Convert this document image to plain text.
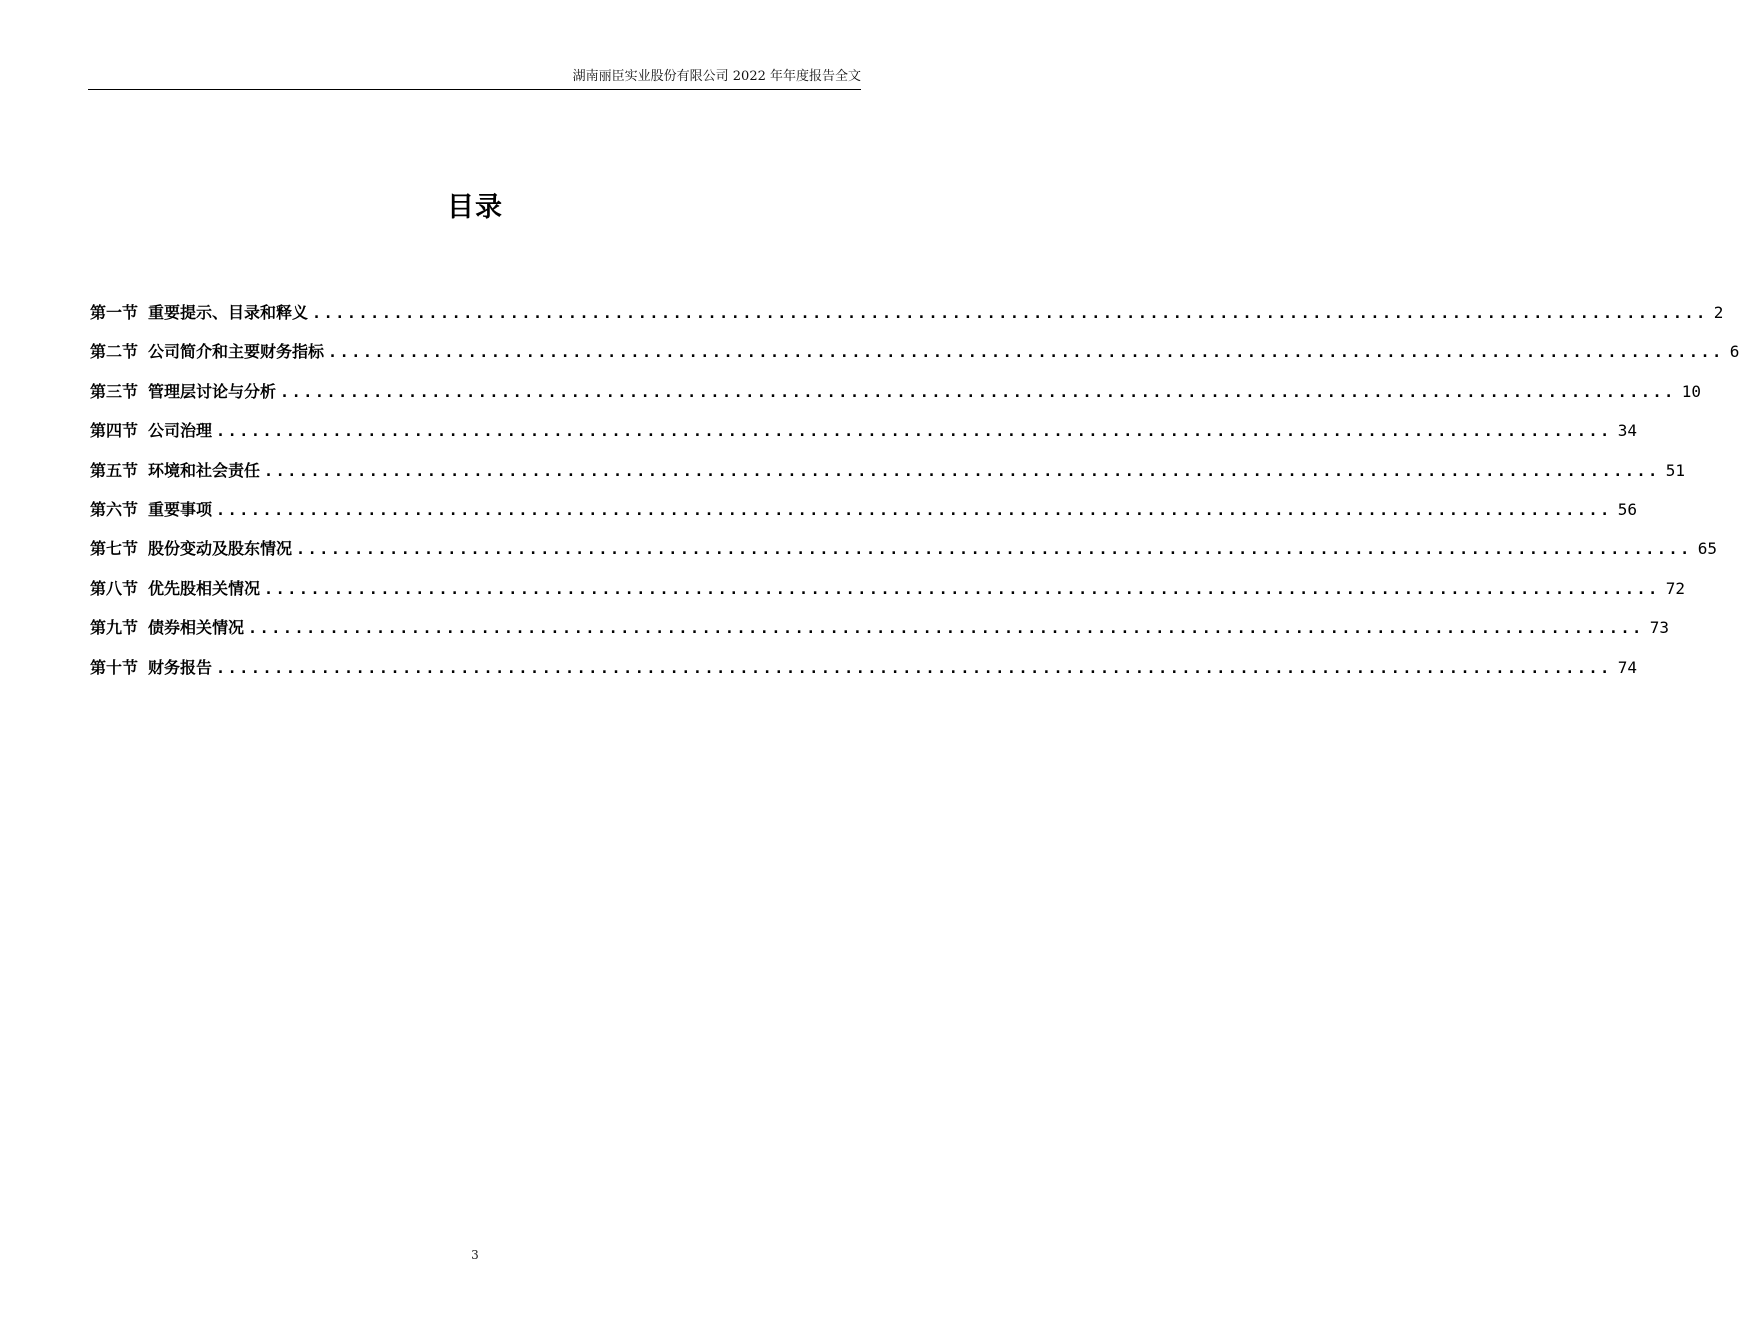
湖南丽臣实业股份有限公司 2022 年年度报告全文
目录
第一节 重要提示、目录和释义 ........................................................................................................................ 2
第二节 公司简介和主要财务指标 ........................................................................................................................ 6
第三节 管理层讨论与分析 ........................................................................................................................ 10
第四节 公司治理 ........................................................................................................................ 34
第五节 环境和社会责任 ........................................................................................................................ 51
第六节 重要事项 ........................................................................................................................ 56
第七节 股份变动及股东情况 ........................................................................................................................ 65
第八节 优先股相关情况 ........................................................................................................................ 72
第九节 债券相关情况 ........................................................................................................................ 73
第十节 财务报告 ........................................................................................................................ 74
3
